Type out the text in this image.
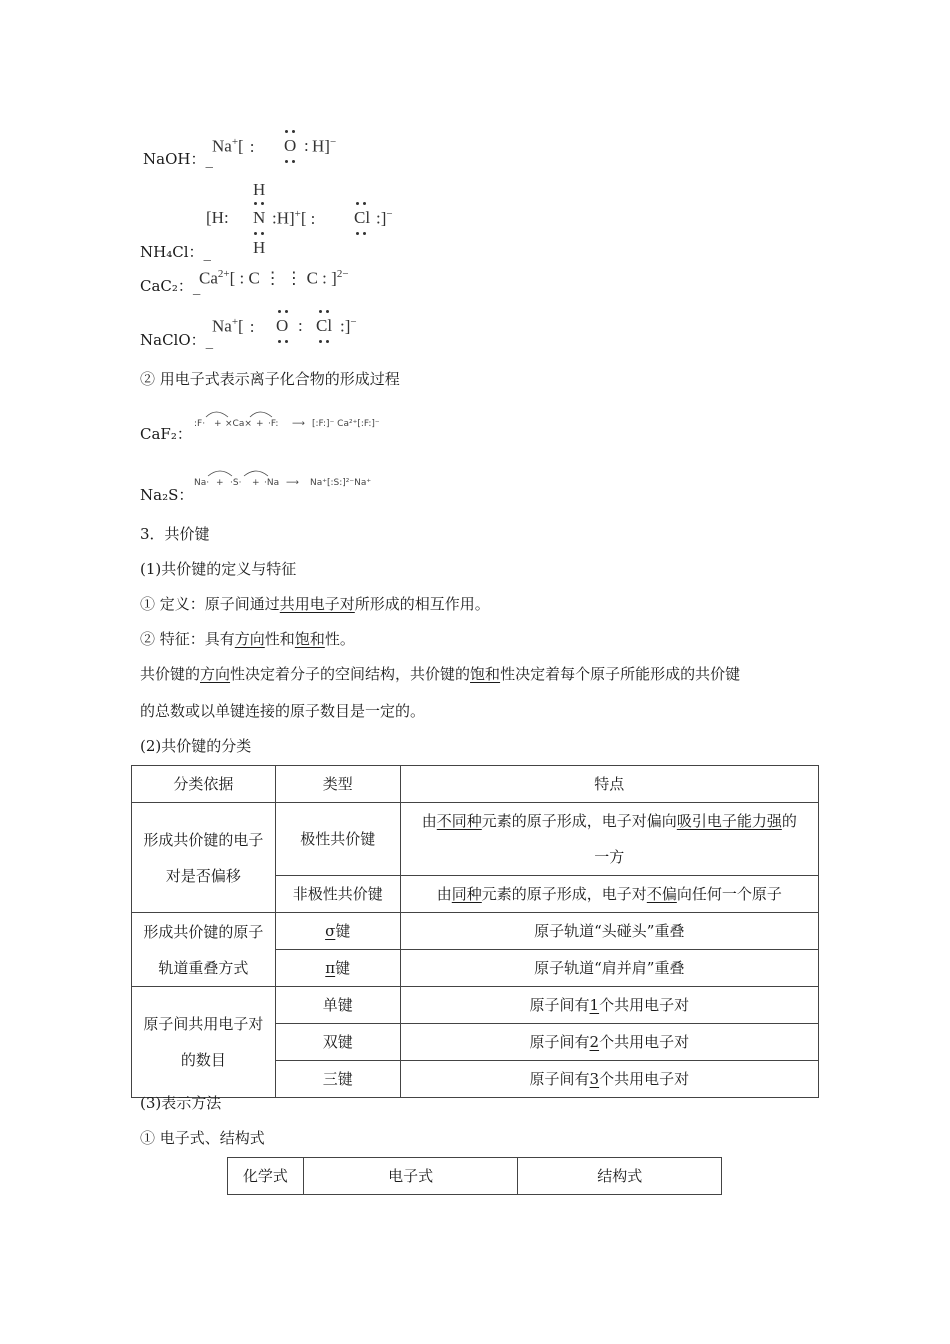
NaOH：_
Na+[ : O : H]−
NH₄Cl：_
H
[H: N :H]+[ : Cl :]−
H
CaC₂：_
$Ca^{2+}$[ : C ⋮ ⋮ C : ]$^{2-}$
NaClO：_
Na+[ : O : Cl :]−
② 用电子式表示离子化合物的形成过程
CaF₂：
:F· + ×Ca× + ·F: ⟶ [:F:]⁻ Ca²⁺[:F:]⁻
Na₂S：
Na· + ·S· + ·Na ⟶ Na⁺[:S:]²⁻Na⁺
3．共价键
(1)共价键的定义与特征
① 定义：原子间通过共用电子对所形成的相互作用。
② 特征：具有方向性和饱和性。
共价键的方向性决定着分子的空间结构，共价键的饱和性决定着每个原子所能形成的共价键
的总数或以单键连接的原子数目是一定的。
(2)共价键的分类
分类依据	类型	特点
形成共价键的电子对是否偏移	极性共价键	由不同种元素的原子形成，电子对偏向吸引电子能力强的一方
	非极性共价键	由同种元素的原子形成，电子对不偏向任何一个原子
形成共价键的原子轨道重叠方式	σ键	原子轨道“头碰头”重叠
	π键	原子轨道“肩并肩”重叠
原子间共用电子对的数目	单键	原子间有1个共用电子对
	双键	原子间有2个共用电子对
	三键	原子间有3个共用电子对
(3)表示方法
① 电子式、结构式
化学式	电子式	结构式
